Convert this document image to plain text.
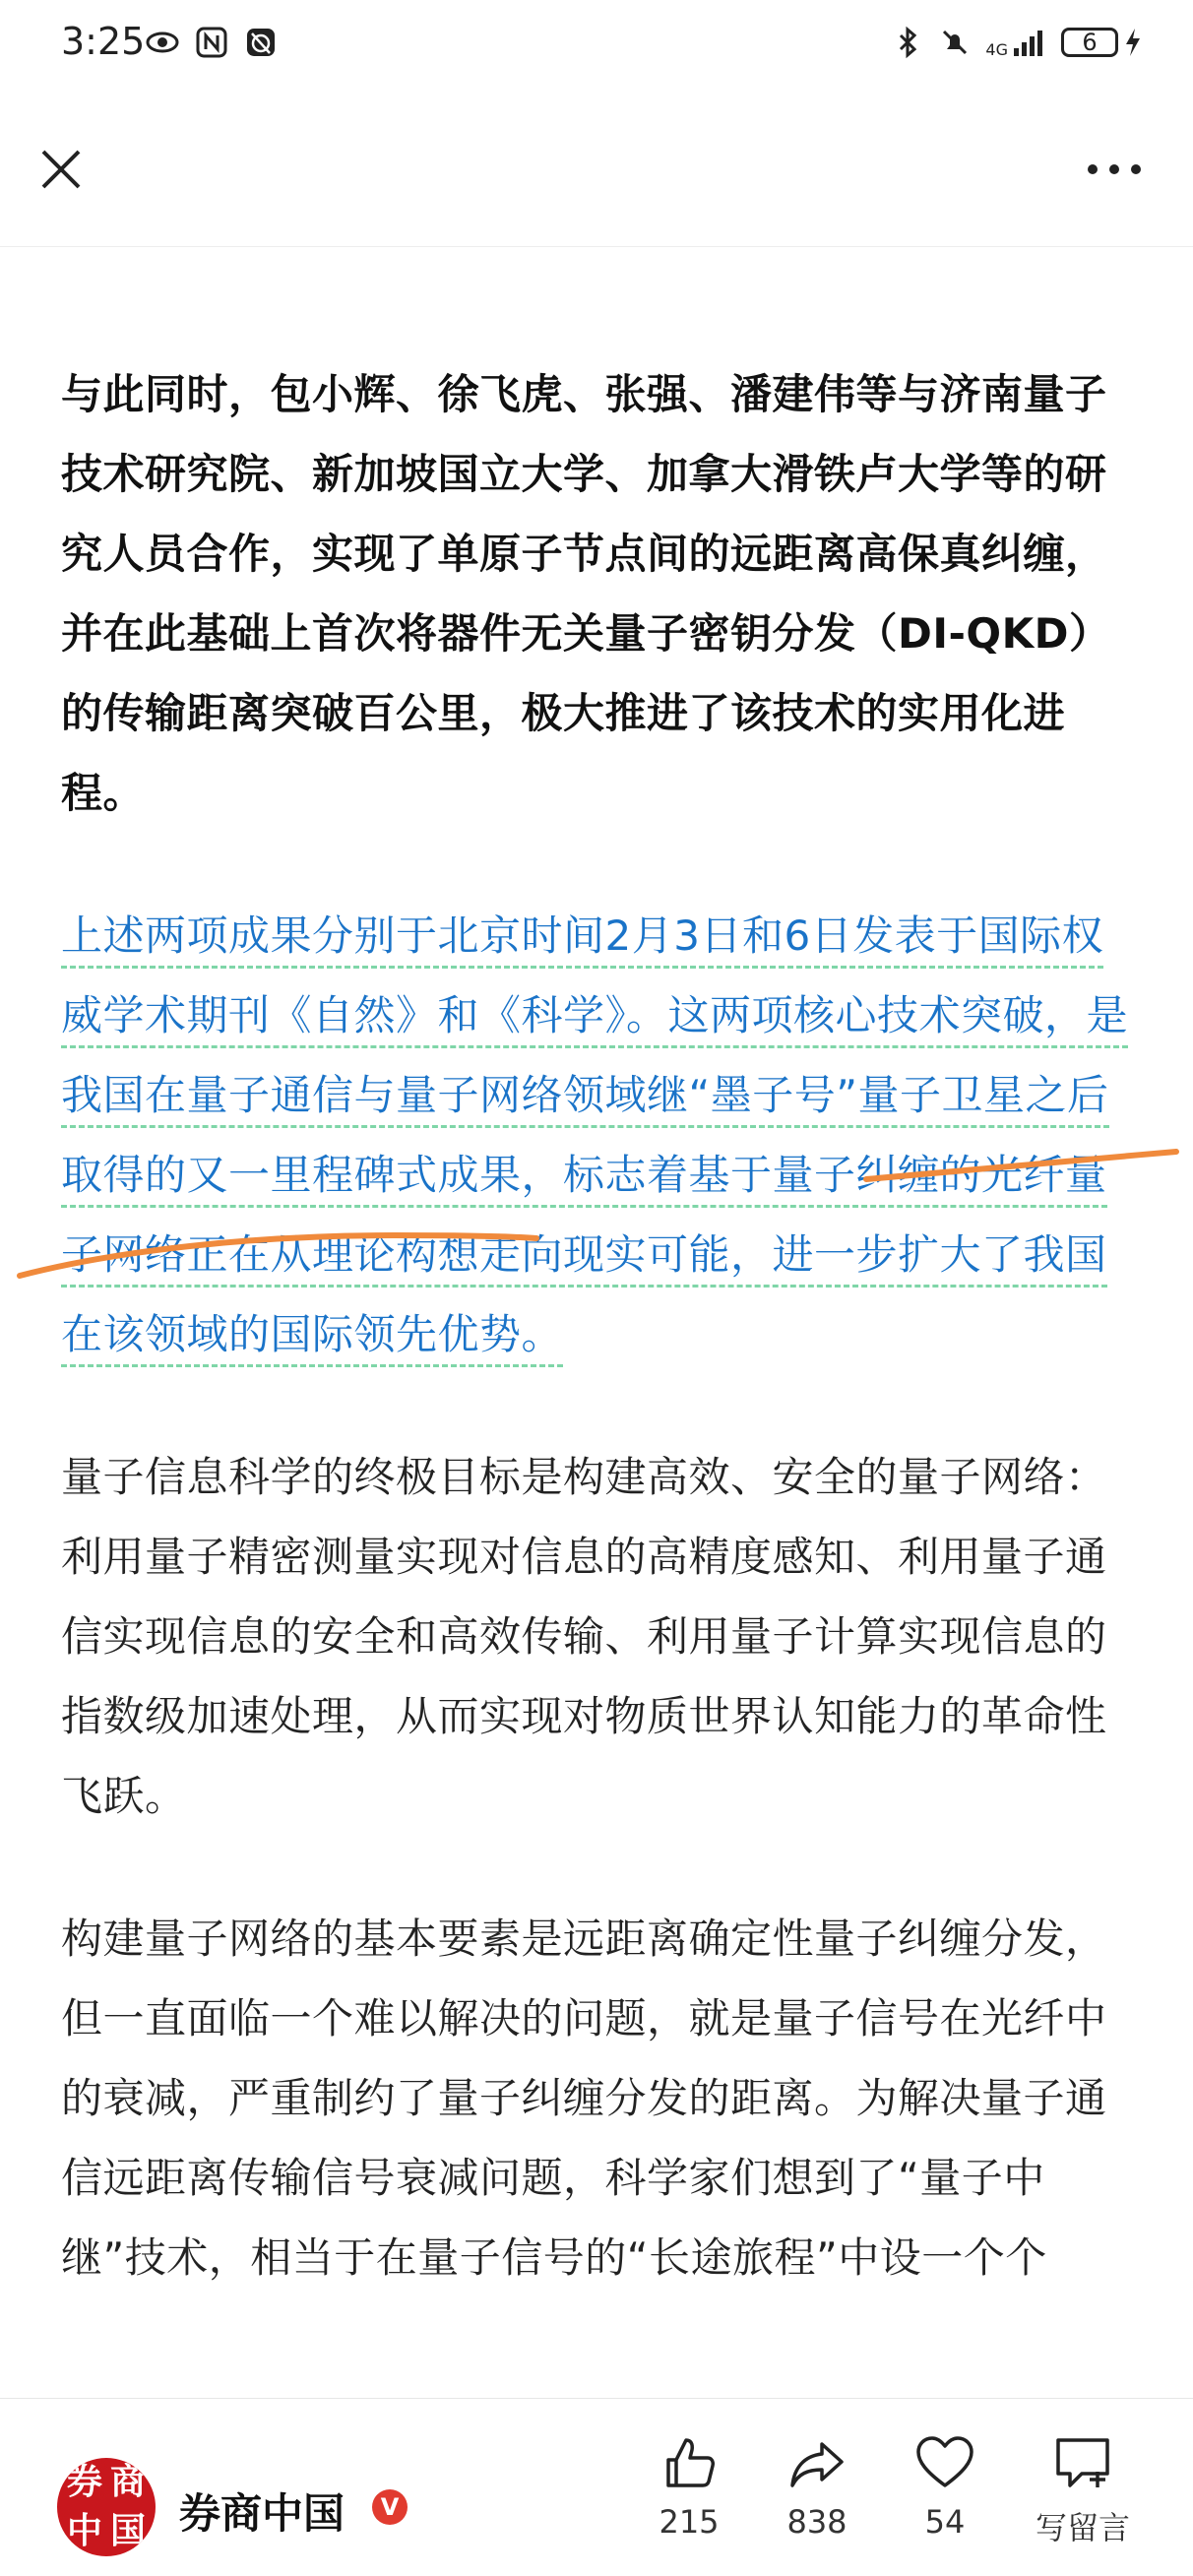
3:25	4G	6

与此同时，包小辉、徐飞虎、张强、潘建伟等与济南量子技术研究院、新加坡国立大学、加拿大滑铁卢大学等的研究人员合作，实现了单原子节点间的远距离高保真纠缠，并在此基础上首次将器件无关量子密钥分发（DI-QKD）的传输距离突破百公里，极大推进了该技术的实用化进程。

上述两项成果分别于北京时间2月3日和6日发表于国际权威学术期刊《自然》和《科学》。这两项核心技术突破，是我国在量子通信与量子网络领域继“墨子号”量子卫星之后取得的又一里程碑式成果，标志着基于量子纠缠的光纤量子网络正在从理论构想走向现实可能，进一步扩大了我国在该领域的国际领先优势。

量子信息科学的终极目标是构建高效、安全的量子网络：利用量子精密测量实现对信息的高精度感知、利用量子通信实现信息的安全和高效传输、利用量子计算实现信息的指数级加速处理，从而实现对物质世界认知能力的革命性飞跃。

构建量子网络的基本要素是远距离确定性量子纠缠分发，但一直面临一个难以解决的问题，就是量子信号在光纤中的衰减，严重制约了量子纠缠分发的距离。为解决量子通信远距离传输信号衰减问题，科学家们想到了“量子中继”技术，相当于在量子信号的“长途旅程”中设一个个

券 商
中 国 券商中国	V	215	838	54	写留言
